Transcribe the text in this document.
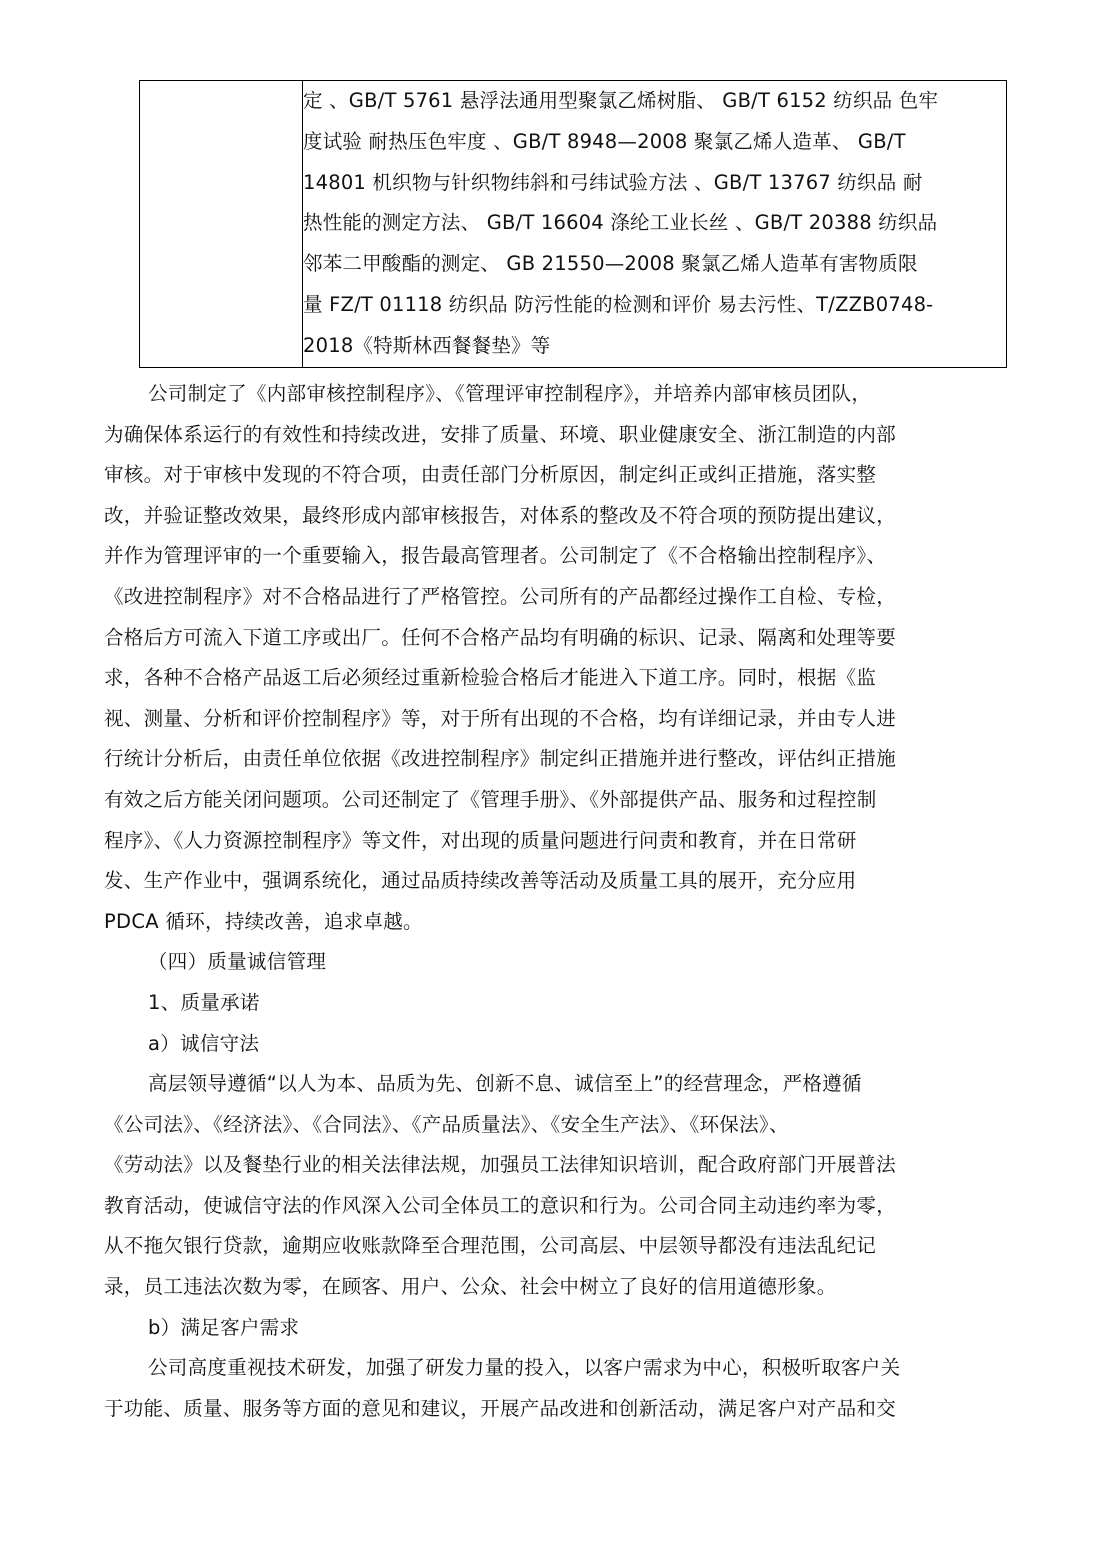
定 、GB/T 5761 悬浮法通用型聚氯乙烯树脂、 GB/T 6152 纺织品 色牢
度试验 耐热压色牢度 、GB/T 8948—2008 聚氯乙烯人造革、 GB/T
14801 机织物与针织物纬斜和弓纬试验方法 、GB/T 13767 纺织品 耐
热性能的测定方法、 GB/T 16604 涤纶工业长丝 、GB/T 20388 纺织品
邻苯二甲酸酯的测定、 GB 21550—2008 聚氯乙烯人造革有害物质限
量 FZ/T 01118 纺织品 防污性能的检测和评价 易去污性、T/ZZB0748-
2018《特斯林西餐餐垫》等
公司制定了《内部审核控制程序》、《管理评审控制程序》，并培养内部审核员团队，
为确保体系运行的有效性和持续改进，安排了质量、环境、职业健康安全、浙江制造的内部
审核。对于审核中发现的不符合项，由责任部门分析原因，制定纠正或纠正措施，落实整
改，并验证整改效果，最终形成内部审核报告，对体系的整改及不符合项的预防提出建议，
并作为管理评审的一个重要输入，报告最高管理者。公司制定了《不合格输出控制程序》、
《改进控制程序》对不合格品进行了严格管控。公司所有的产品都经过操作工自检、专检，
合格后方可流入下道工序或出厂。任何不合格产品均有明确的标识、记录、隔离和处理等要
求，各种不合格产品返工后必须经过重新检验合格后才能进入下道工序。同时，根据《监
视、测量、分析和评价控制程序》等，对于所有出现的不合格，均有详细记录，并由专人进
行统计分析后，由责任单位依据《改进控制程序》制定纠正措施并进行整改，评估纠正措施
有效之后方能关闭问题项。公司还制定了《管理手册》、《外部提供产品、服务和过程控制
程序》、《人力资源控制程序》等文件，对出现的质量问题进行问责和教育，并在日常研
发、生产作业中，强调系统化，通过品质持续改善等活动及质量工具的展开，充分应用
PDCA 循环，持续改善，追求卓越。
（四）质量诚信管理
1、质量承诺
a）诚信守法
高层领导遵循“以人为本、品质为先、创新不息、诚信至上”的经营理念，严格遵循
《公司法》、《经济法》、《合同法》、《产品质量法》、《安全生产法》、《环保法》、
《劳动法》以及餐垫行业的相关法律法规，加强员工法律知识培训，配合政府部门开展普法
教育活动，使诚信守法的作风深入公司全体员工的意识和行为。公司合同主动违约率为零，
从不拖欠银行贷款，逾期应收账款降至合理范围，公司高层、中层领导都没有违法乱纪记
录，员工违法次数为零，在顾客、用户、公众、社会中树立了良好的信用道德形象。
b）满足客户需求
公司高度重视技术研发，加强了研发力量的投入，以客户需求为中心，积极听取客户关
于功能、质量、服务等方面的意见和建议，开展产品改进和创新活动，满足客户对产品和交
